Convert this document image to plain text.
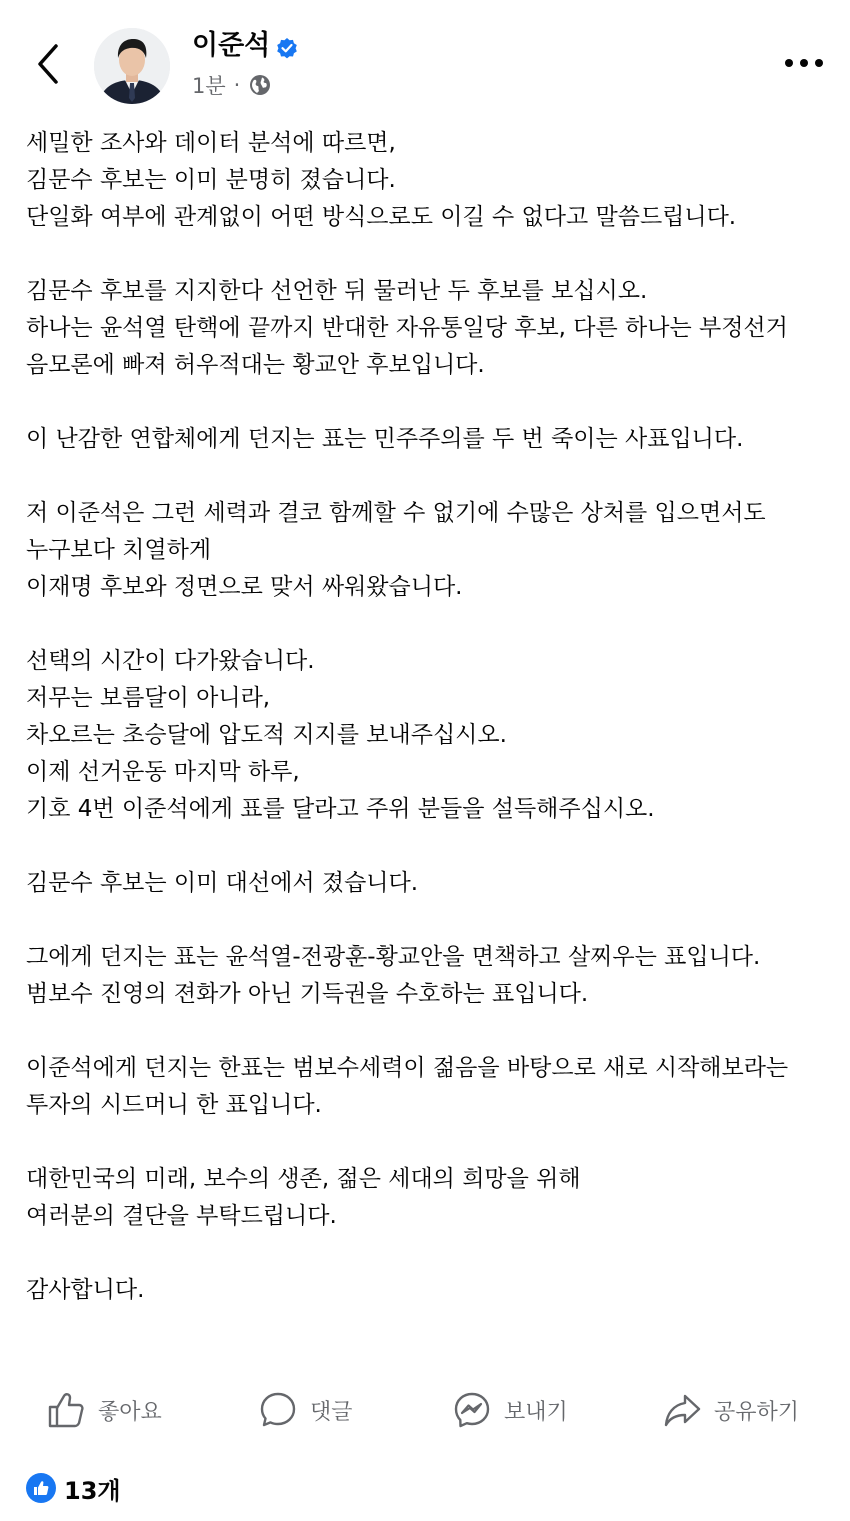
이준석
1분 ·

세밀한 조사와 데이터 분석에 따르면,
김문수 후보는 이미 분명히 졌습니다.
단일화 여부에 관계없이 어떤 방식으로도 이길 수 없다고 말씀드립니다.

김문수 후보를 지지한다 선언한 뒤 물러난 두 후보를 보십시오.
하나는 윤석열 탄핵에 끝까지 반대한 자유통일당 후보, 다른 하나는 부정선거 음모론에 빠져 허우적대는 황교안 후보입니다.

이 난감한 연합체에게 던지는 표는 민주주의를 두 번 죽이는 사표입니다.

저 이준석은 그런 세력과 결코 함께할 수 없기에 수많은 상처를 입으면서도 누구보다 치열하게
이재명 후보와 정면으로 맞서 싸워왔습니다.

선택의 시간이 다가왔습니다.
저무는 보름달이 아니라,
차오르는 초승달에 압도적 지지를 보내주십시오.
이제 선거운동 마지막 하루,
기호 4번 이준석에게 표를 달라고 주위 분들을 설득해주십시오.

김문수 후보는 이미 대선에서 졌습니다.

그에게 던지는 표는 윤석열-전광훈-황교안을 면책하고 살찌우는 표입니다. 범보수 진영의 젼화가 아닌 기득권을 수호하는 표입니다.

이준석에게 던지는 한표는 범보수세력이 젊음을 바탕으로 새로 시작해보라는 투자의 시드머니 한 표입니다.

대한민국의 미래, 보수의 생존, 젊은 세대의 희망을 위해
여러분의 결단을 부탁드립니다.

감사합니다.

좋아요	댓글	보내기	공유하기
13개
